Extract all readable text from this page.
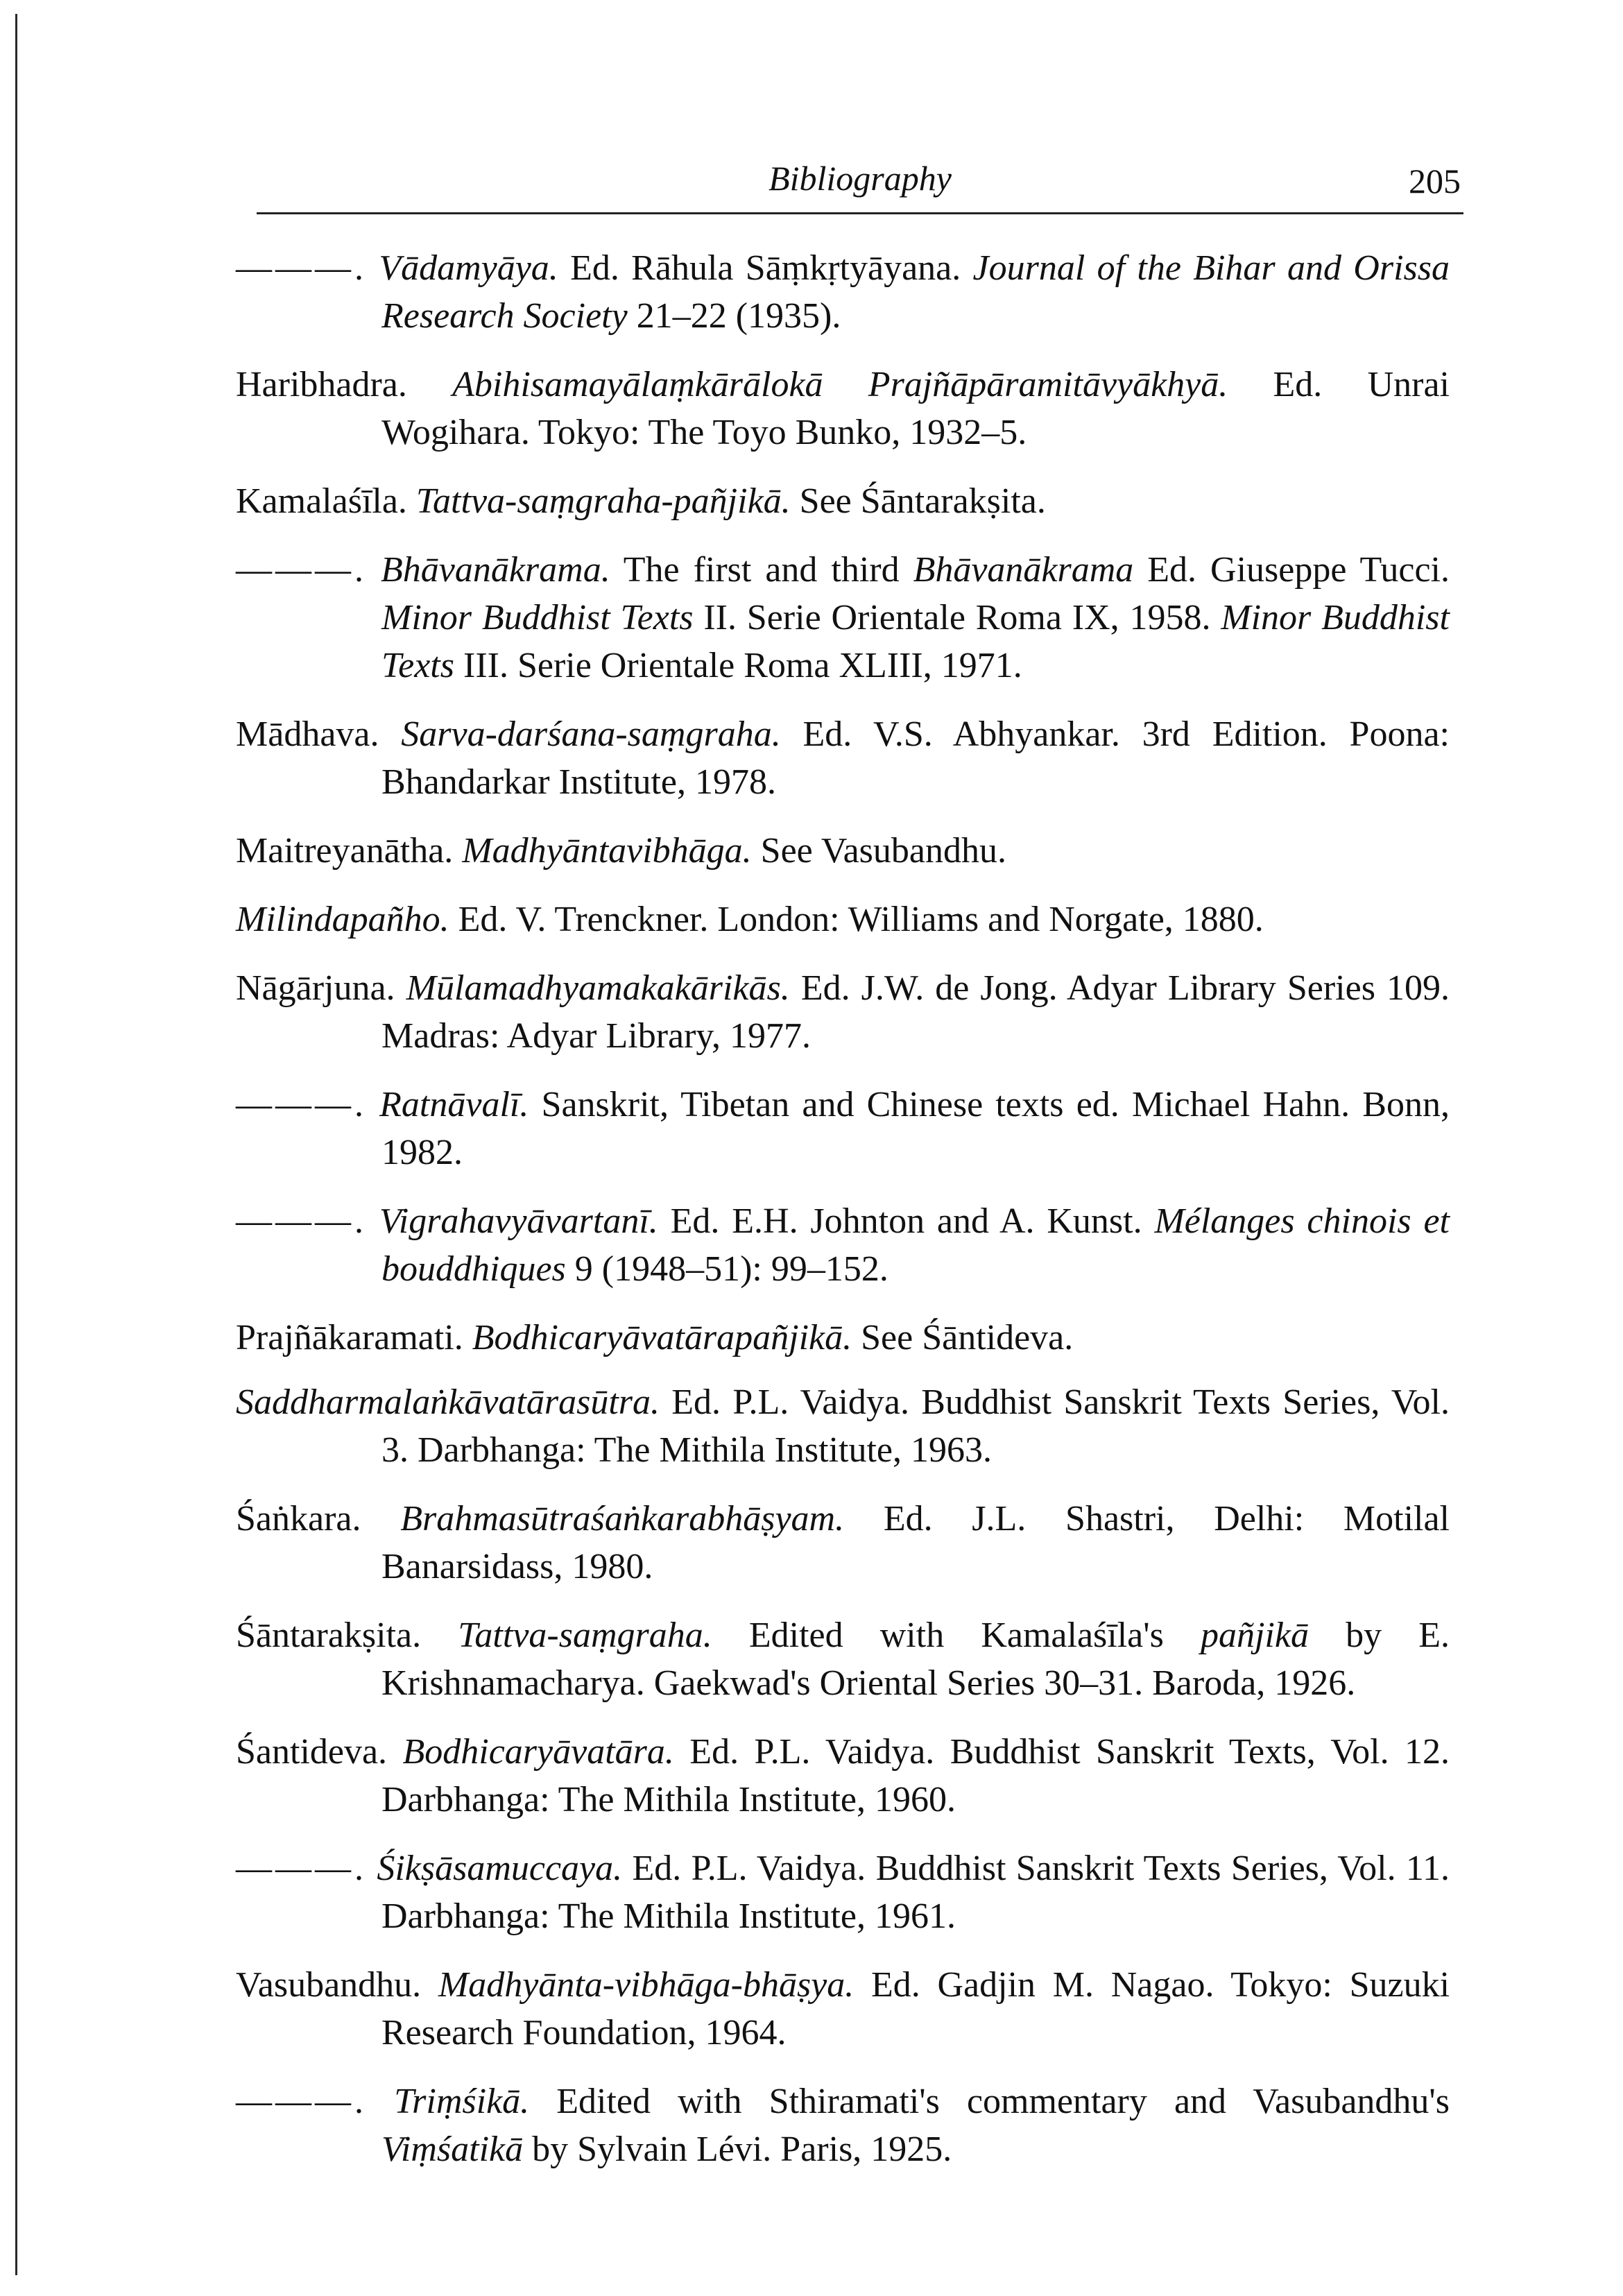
Bibliography	205

———. Vādamyāya. Ed. Rāhula Sāṃkṛtyāyana. Journal of the Bihar and Orissa Research Society 21–22 (1935).

Haribhadra. Abihisamayālaṃkārālokā Prajñāpāramitāvyākhyā. Ed. Unrai Wogihara. Tokyo: The Toyo Bunko, 1932–5.

Kamalaśīla. Tattva-saṃgraha-pañjikā. See Śāntarakṣita.

———. Bhāvanākrama. The first and third Bhāvanākrama Ed. Giuseppe Tucci. Minor Buddhist Texts II. Serie Orientale Roma IX, 1958. Minor Buddhist Texts III. Serie Orientale Roma XLIII, 1971.

Mādhava. Sarva-darśana-saṃgraha. Ed. V.S. Abhyankar. 3rd Edition. Poona: Bhandarkar Institute, 1978.

Maitreyanātha. Madhyāntavibhāga. See Vasubandhu.

Milindapañho. Ed. V. Trenckner. London: Williams and Norgate, 1880.

Nāgārjuna. Mūlamadhyamakakārikās. Ed. J.W. de Jong. Adyar Library Series 109. Madras: Adyar Library, 1977.

———. Ratnāvalī. Sanskrit, Tibetan and Chinese texts ed. Michael Hahn. Bonn, 1982.

———. Vigrahavyāvartanī. Ed. E.H. Johnton and A. Kunst. Mélanges chinois et bouddhiques 9 (1948–51): 99–152.

Prajñākaramati. Bodhicaryāvatārapañjikā. See Śāntideva.

Saddharmalaṅkāvatārasūtra. Ed. P.L. Vaidya. Buddhist Sanskrit Texts Series, Vol. 3. Darbhanga: The Mithila Institute, 1963.

Śaṅkara. Brahmasūtraśaṅkarabhāṣyam. Ed. J.L. Shastri, Delhi: Motilal Banarsidass, 1980.

Śāntarakṣita. Tattva-saṃgraha. Edited with Kamalaśīla's pañjikā by E. Krishnamacharya. Gaekwad's Oriental Series 30–31. Baroda, 1926.

Śantideva. Bodhicaryāvatāra. Ed. P.L. Vaidya. Buddhist Sanskrit Texts, Vol. 12. Darbhanga: The Mithila Institute, 1960.

———. Śikṣāsamuccaya. Ed. P.L. Vaidya. Buddhist Sanskrit Texts Series, Vol. 11. Darbhanga: The Mithila Institute, 1961.

Vasubandhu. Madhyānta-vibhāga-bhāṣya. Ed. Gadjin M. Nagao. Tokyo: Suzuki Research Foundation, 1964.

———. Triṃśikā. Edited with Sthiramati's commentary and Vasubandhu's Viṃśatikā by Sylvain Lévi. Paris, 1925.
